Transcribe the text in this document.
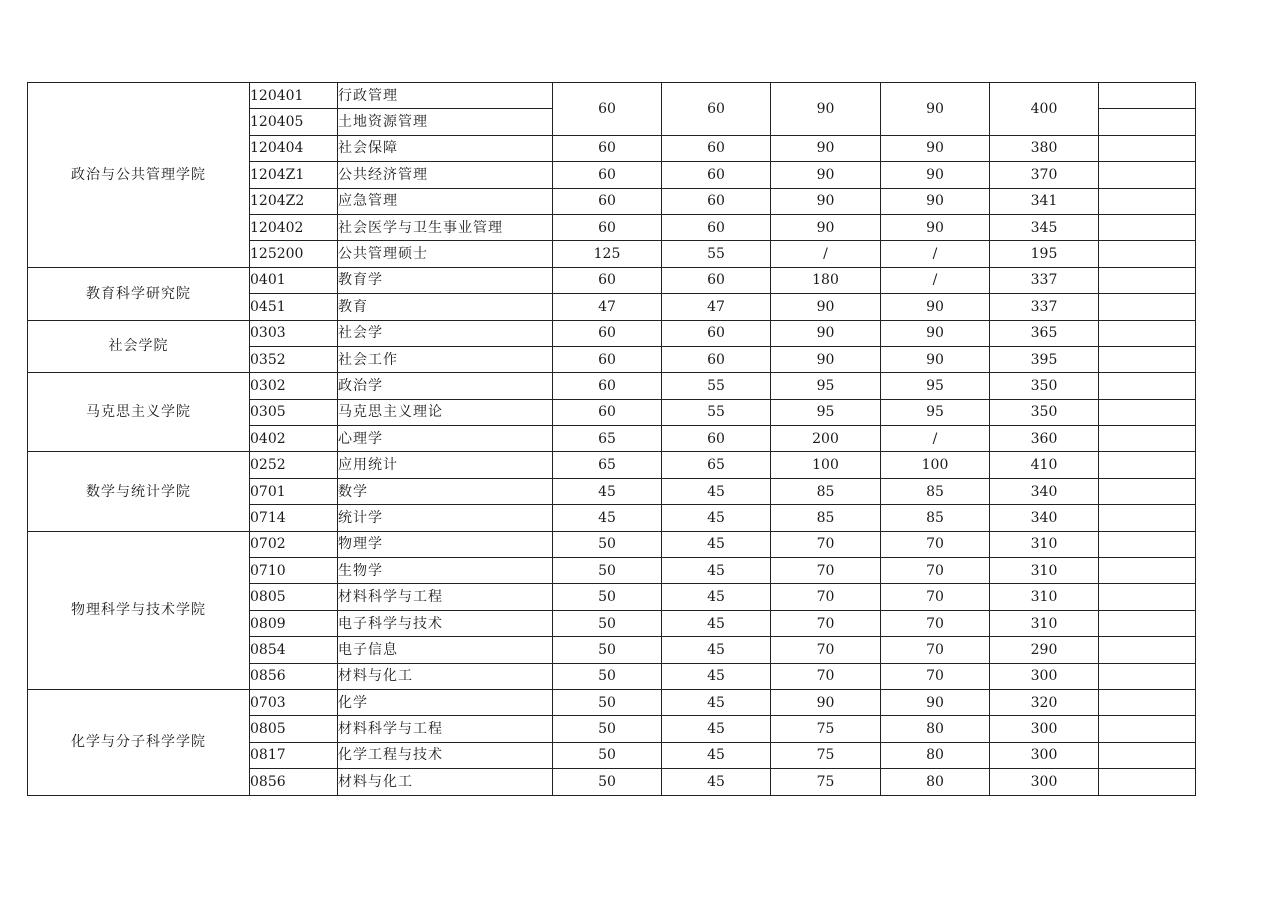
政治与公共管理学院	120401	行政管理	60	60	90	90	400	
	120405	土地资源管理						
	120404	社会保障	60	60	90	90	380	
	1204Z1	公共经济管理	60	60	90	90	370	
	1204Z2	应急管理	60	60	90	90	341	
	120402	社会医学与卫生事业管理	60	60	90	90	345	
	125200	公共管理硕士	125	55	/	/	195	
教育科学研究院	0401	教育学	60	60	180	/	337	
	0451	教育	47	47	90	90	337	
社会学院	0303	社会学	60	60	90	90	365	
	0352	社会工作	60	60	90	90	395	
马克思主义学院	0302	政治学	60	55	95	95	350	
	0305	马克思主义理论	60	55	95	95	350	
	0402	心理学	65	60	200	/	360	
数学与统计学院	0252	应用统计	65	65	100	100	410	
	0701	数学	45	45	85	85	340	
	0714	统计学	45	45	85	85	340	
物理科学与技术学院	0702	物理学	50	45	70	70	310	
	0710	生物学	50	45	70	70	310	
	0805	材料科学与工程	50	45	70	70	310	
	0809	电子科学与技术	50	45	70	70	310	
	0854	电子信息	50	45	70	70	290	
	0856	材料与化工	50	45	70	70	300	
化学与分子科学学院	0703	化学	50	45	90	90	320	
	0805	材料科学与工程	50	45	75	80	300	
	0817	化学工程与技术	50	45	75	80	300	
	0856	材料与化工	50	45	75	80	300	
